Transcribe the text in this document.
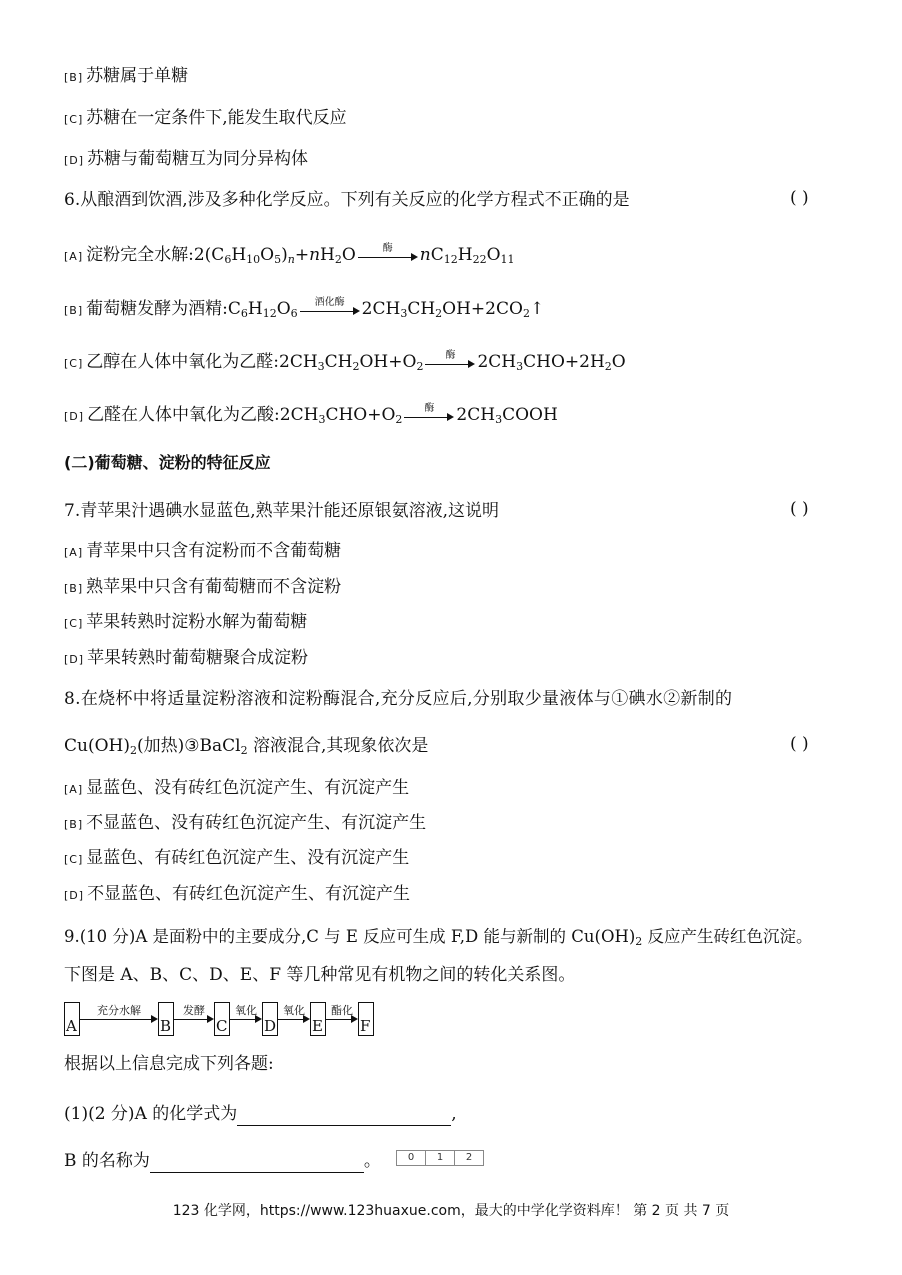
[B] 苏糖属于单糖
[C] 苏糖在一定条件下,能发生取代反应
[D] 苏糖与葡萄糖互为同分异构体
6.从酿酒到饮酒,涉及多种化学反应。下列有关反应的化学方程式不正确的是	( )
[A] 淀粉完全水解$:2(C_6H_{10}O_5)_n+nH_2O$	酶	$nC_{12}H_{22}O_{11}$
[B] 葡萄糖发酵为酒精$:C_6H_{12}O_6$
酒化酶	$2CH_3CH_2OH+2CO_2↑$
[C] 乙醇在人体中氧化为乙醛$:2CH_3CH_2OH+O_2$
酶	$2CH_3CHO+2H_2O$
[D] 乙醛在人体中氧化为乙酸$:2CH_3CHO+O_2$
酶	$2CH_3COOH$
(二)葡萄糖、淀粉的特征反应
7.青苹果汁遇碘水显蓝色,熟苹果汁能还原银氨溶液,这说明	( )
[A] 青苹果中只含有淀粉而不含葡萄糖
[B] 熟苹果中只含有葡萄糖而不含淀粉
[C] 苹果转熟时淀粉水解为葡萄糖
[D] 苹果转熟时葡萄糖聚合成淀粉
8.在烧杯中将适量淀粉溶液和淀粉酶混合,充分反应后,分别取少量液体与①碘水②新制的
$Cu(OH)_2$(加热)③BaCl$_2$ 溶液混合,其现象依次是	( )
[A] 显蓝色、没有砖红色沉淀产生、有沉淀产生
[B] 不显蓝色、没有砖红色沉淀产生、有沉淀产生
[C] 显蓝色、有砖红色沉淀产生、没有沉淀产生
[D] 不显蓝色、有砖红色沉淀产生、有沉淀产生
9.(10 分)A 是面粉中的主要成分,C 与 E 反应可生成 F,D 能与新制的 $Cu(OH)_2$ 反应产生砖红色沉淀。
下图是 A、B、C、D、E、F 等几种常见有机物之间的转化关系图。
A
充分水解
B
发酵
C
氧化
D
氧化
E
酯化
F
根据以上信息完成下列各题:
(1)(2 分)A 的化学式为	,
B 的名称为	。	0	1	2
123 化学网，https://www.123huaxue.com，最大的中学化学资料库！ 第 2 页 共 7 页
